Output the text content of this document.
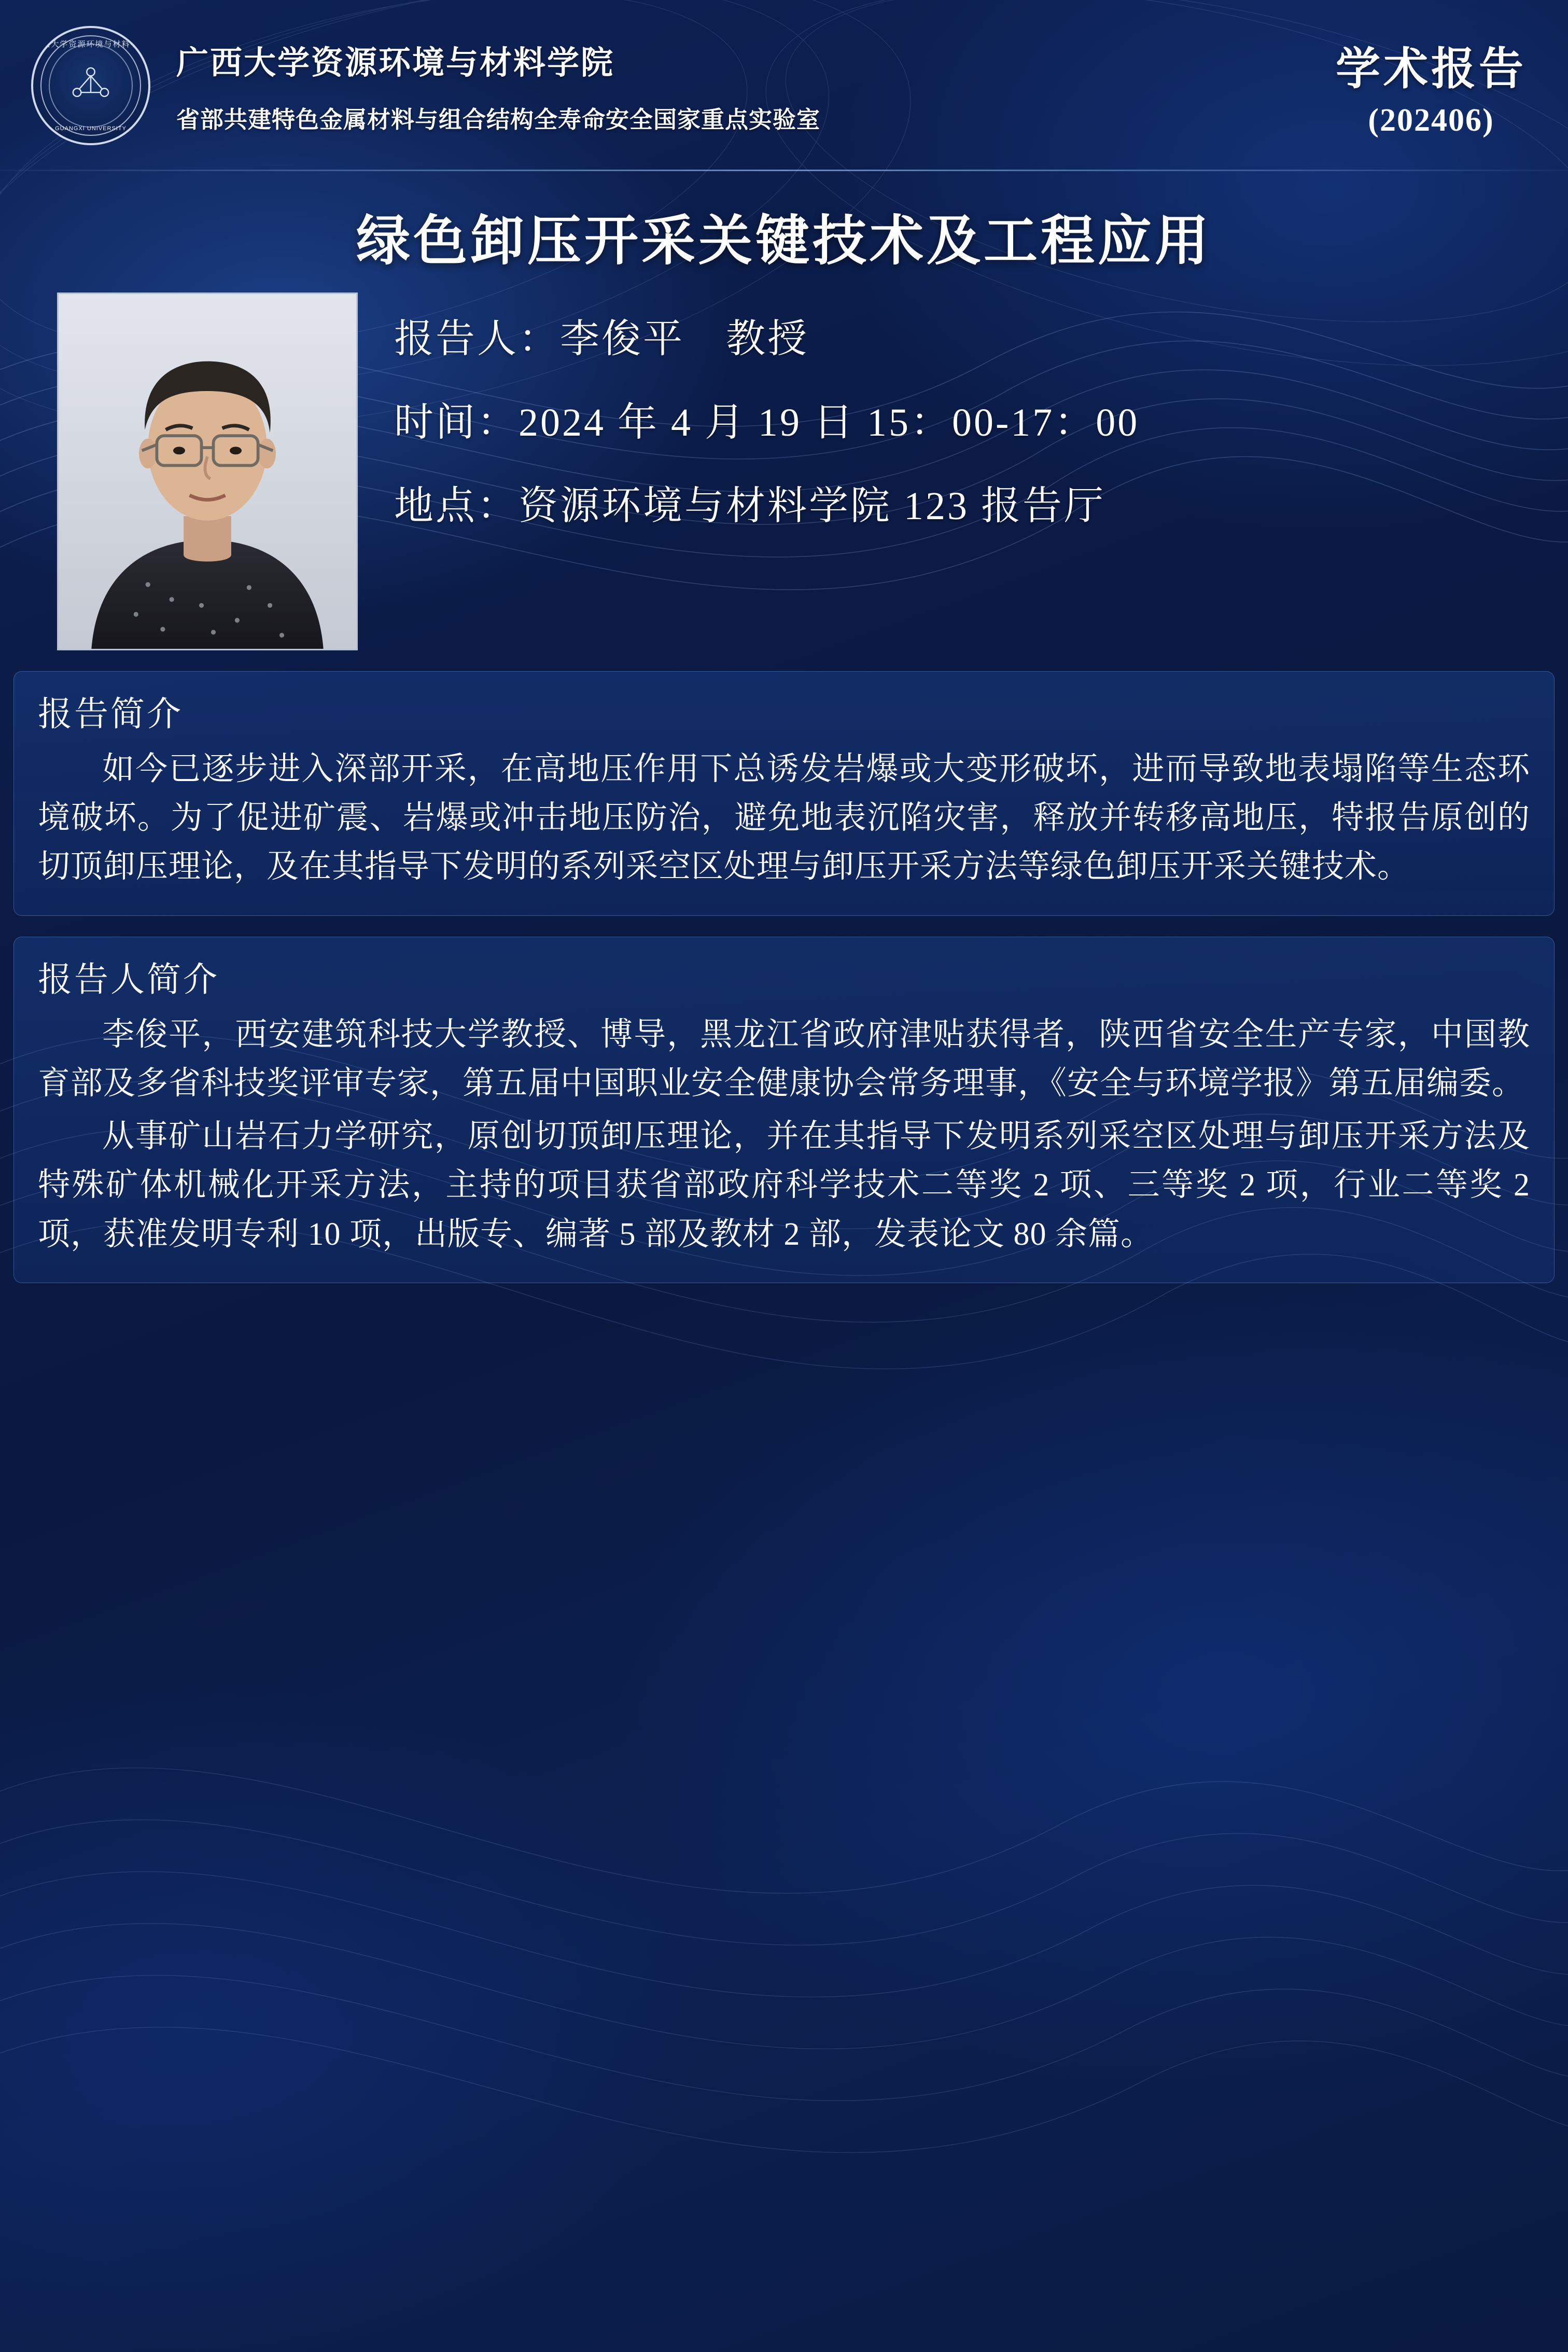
广西大学资源环境与材料学院
GUANGXI UNIVERSITY
广西大学资源环境与材料学院
省部共建特色金属材料与组合结构全寿命安全国家重点实验室
学术报告
(202406)
绿色卸压开采关键技术及工程应用
报告人：李俊平　教授
时间：2024 年 4 月 19 日 15：00-17：00
地点：资源环境与材料学院 123 报告厅
报告简介

如今已逐步进入深部开采，在高地压作用下总诱发岩爆或大变形破坏，进而导致地表塌陷等生态环境破坏。为了促进矿震、岩爆或冲击地压防治，避免地表沉陷灾害，释放并转移高地压，特报告原创的切顶卸压理论，及在其指导下发明的系列采空区处理与卸压开采方法等绿色卸压开采关键技术。

报告人简介

李俊平，西安建筑科技大学教授、博导，黑龙江省政府津贴获得者，陕西省安全生产专家，中国教育部及多省科技奖评审专家，第五届中国职业安全健康协会常务理事，《安全与环境学报》第五届编委。

从事矿山岩石力学研究，原创切顶卸压理论，并在其指导下发明系列采空区处理与卸压开采方法及特殊矿体机械化开采方法，主持的项目获省部政府科学技术二等奖 2 项、三等奖 2 项，行业二等奖 2 项，获准发明专利 10 项，出版专、编著 5 部及教材 2 部，发表论文 80 余篇。
